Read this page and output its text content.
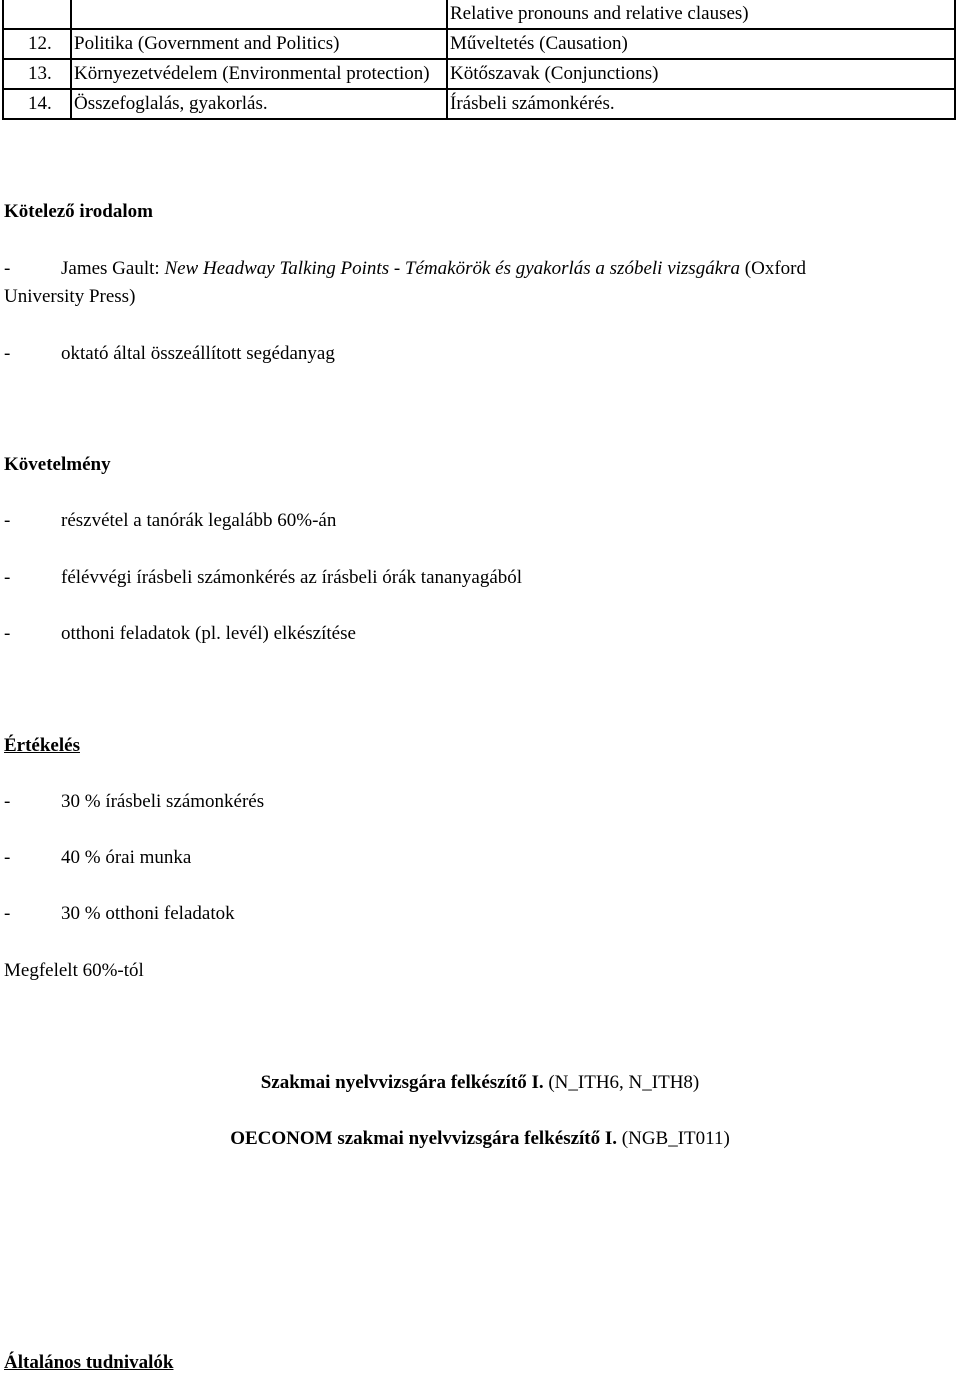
		Relative pronouns and relative clauses)
12.	Politika (Government and Politics)	Műveltetés (Causation)
13.	Környezetvédelem (Environmental protection)	Kötőszavak (Conjunctions)
14.	Összefoglalás, gyakorlás.	Írásbeli számonkérés.
Kötelező irodalom
-	James Gault: New Headway Talking Points - Témakörök és gyakorlás a szóbeli vizsgákra (Oxford
University Press)
-	oktató által összeállított segédanyag
Követelmény
-	részvétel a tanórák legalább 60%-án
-	félévvégi írásbeli számonkérés az írásbeli órák tananyagából
-	otthoni feladatok (pl. levél) elkészítése
Értékelés
-	30 % írásbeli számonkérés
-	40 % órai munka
-	30 % otthoni feladatok
Megfelelt 60%-tól
Szakmai nyelvvizsgára felkészítő I. (N_ITH6, N_ITH8)
OECONOM szakmai nyelvvizsgára felkészítő I. (NGB_IT011)
Általános tudnivalók
